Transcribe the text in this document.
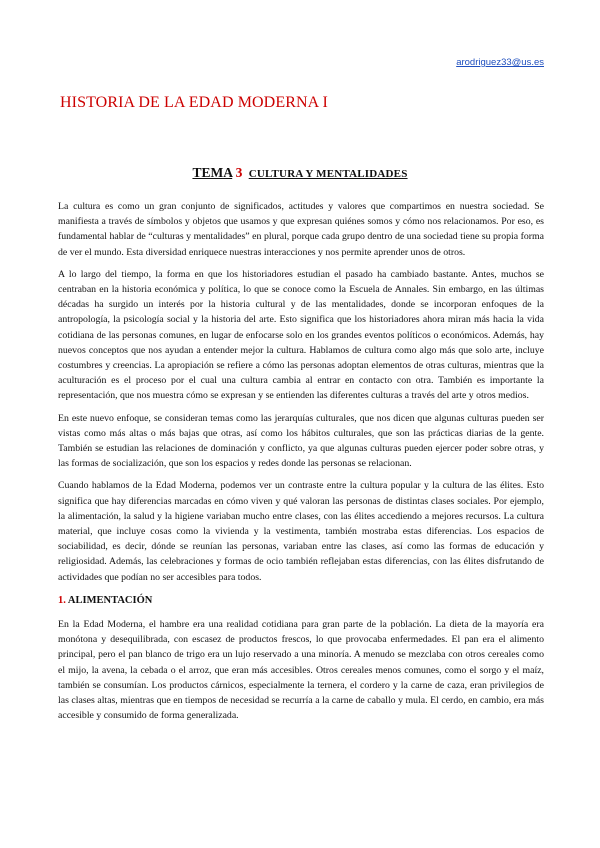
arodriguez33@us.es
HISTORIA DE LA EDAD MODERNA I
TEMA 3 CULTURA Y MENTALIDADES

La cultura es como un gran conjunto de significados, actitudes y valores que compartimos en nuestra sociedad. Se manifiesta a través de símbolos y objetos que usamos y que expresan quiénes somos y cómo nos relacionamos. Por eso, es fundamental hablar de “culturas y mentalidades” en plural, porque cada grupo dentro de una sociedad tiene su propia forma de ver el mundo. Esta diversidad enriquece nuestras interacciones y nos permite aprender unos de otros.

A lo largo del tiempo, la forma en que los historiadores estudian el pasado ha cambiado bastante. Antes, muchos se centraban en la historia económica y política, lo que se conoce como la Escuela de Annales. Sin embargo, en las últimas décadas ha surgido un interés por la historia cultural y de las mentalidades, donde se incorporan enfoques de la antropología, la psicología social y la historia del arte. Esto significa que los historiadores ahora miran más hacia la vida cotidiana de las personas comunes, en lugar de enfocarse solo en los grandes eventos políticos o económicos. Además, hay nuevos conceptos que nos ayudan a entender mejor la cultura. Hablamos de cultura como algo más que solo arte, incluye costumbres y creencias. La apropiación se refiere a cómo las personas adoptan elementos de otras culturas, mientras que la aculturación es el proceso por el cual una cultura cambia al entrar en contacto con otra. También es importante la representación, que nos muestra cómo se expresan y se entienden las diferentes culturas a través del arte y otros medios.

En este nuevo enfoque, se consideran temas como las jerarquías culturales, que nos dicen que algunas culturas pueden ser vistas como más altas o más bajas que otras, así como los hábitos culturales, que son las prácticas diarias de la gente. También se estudian las relaciones de dominación y conflicto, ya que algunas culturas pueden ejercer poder sobre otras, y las formas de socialización, que son los espacios y redes donde las personas se relacionan.

Cuando hablamos de la Edad Moderna, podemos ver un contraste entre la cultura popular y la cultura de las élites. Esto significa que hay diferencias marcadas en cómo viven y qué valoran las personas de distintas clases sociales. Por ejemplo, la alimentación, la salud y la higiene variaban mucho entre clases, con las élites accediendo a mejores recursos. La cultura material, que incluye cosas como la vivienda y la vestimenta, también mostraba estas diferencias. Los espacios de sociabilidad, es decir, dónde se reunían las personas, variaban entre las clases, así como las formas de educación y religiosidad. Además, las celebraciones y formas de ocio también reflejaban estas diferencias, con las élites disfrutando de actividades que podían no ser accesibles para todos.

1. ALIMENTACIÓN

En la Edad Moderna, el hambre era una realidad cotidiana para gran parte de la población. La dieta de la mayoría era monótona y desequilibrada, con escasez de productos frescos, lo que provocaba enfermedades. El pan era el alimento principal, pero el pan blanco de trigo era un lujo reservado a una minoría. A menudo se mezclaba con otros cereales como el mijo, la avena, la cebada o el arroz, que eran más accesibles. Otros cereales menos comunes, como el sorgo y el maíz, también se consumían. Los productos cárnicos, especialmente la ternera, el cordero y la carne de caza, eran privilegios de las clases altas, mientras que en tiempos de necesidad se recurría a la carne de caballo y mula. El cerdo, en cambio, era más accesible y consumido de forma generalizada.
